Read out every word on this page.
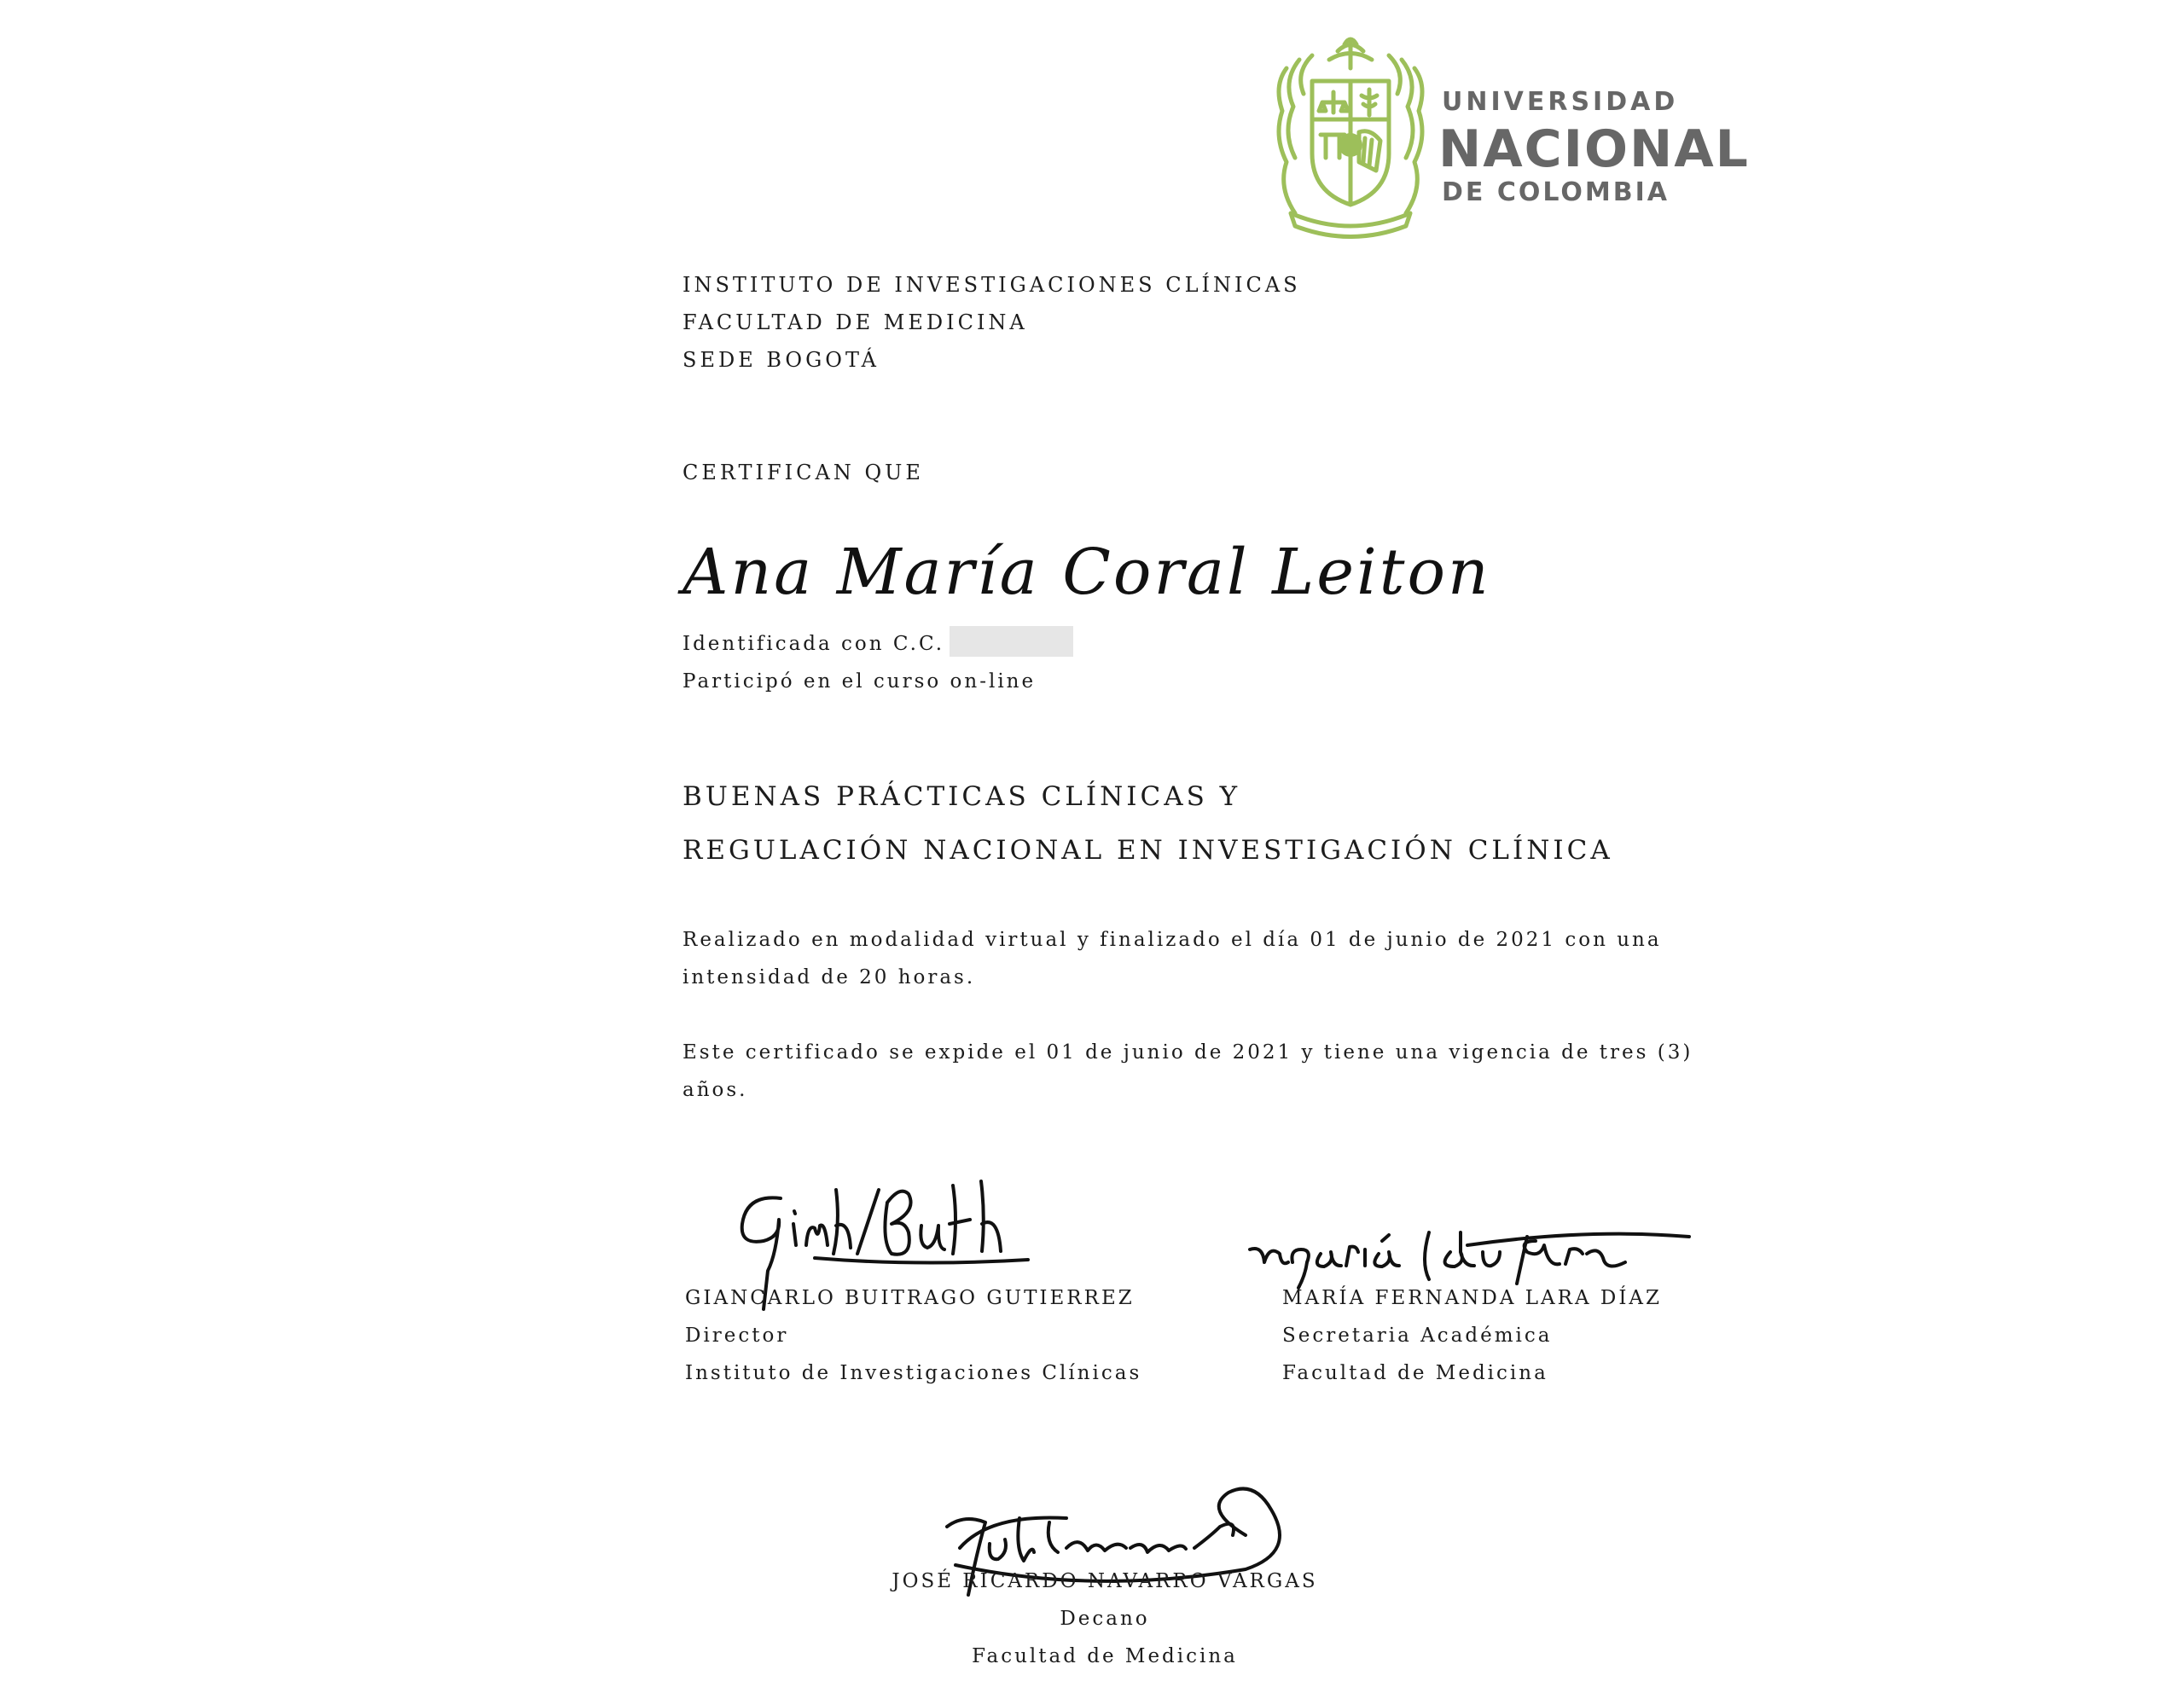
UNIVERSIDAD
NACIONAL
DE COLOMBIA
INSTITUTO DE INVESTIGACIONES CLÍNICAS
FACULTAD DE MEDICINA
SEDE BOGOTÁ
CERTIFICAN QUE
Ana María Coral Leiton
Identificada con C.C.
Participó en el curso on-line
BUENAS PRÁCTICAS CLÍNICAS Y
REGULACIÓN NACIONAL EN INVESTIGACIÓN CLÍNICA
Realizado en modalidad virtual y finalizado el día 01 de junio de 2021 con una
intensidad de 20 horas.
Este certificado se expide el 01 de junio de 2021 y tiene una vigencia de tres (3)
años.
GIANCARLO BUITRAGO GUTIERREZ
Director
Instituto de Investigaciones Clínicas
MARÍA FERNANDA LARA DÍAZ
Secretaria Académica
Facultad de Medicina
JOSÉ RICARDO NAVARRO VARGAS
Decano
Facultad de Medicina
